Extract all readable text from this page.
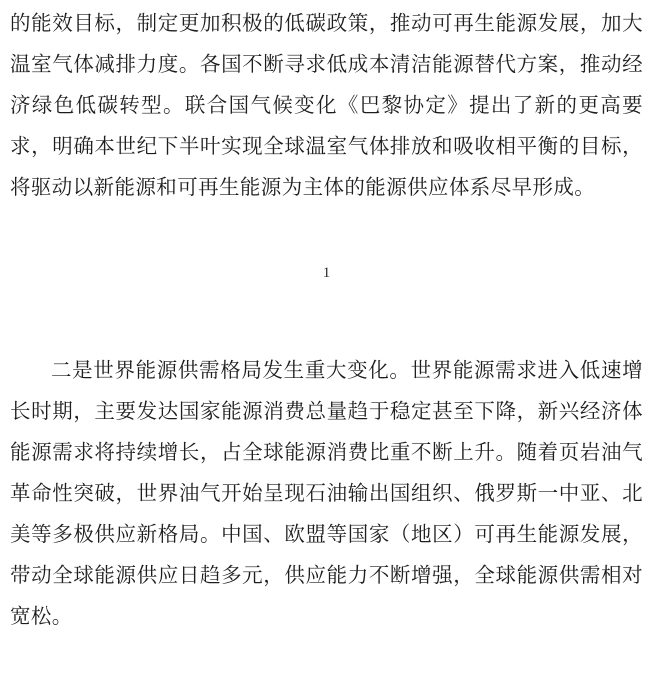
的能效目标，制定更加积极的低碳政策，推动可再生能源发展，加大温室气体减排力度。各国不断寻求低成本清洁能源替代方案，推动经济绿色低碳转型。联合国气候变化《巴黎协定》提出了新的更高要求，明确本世纪下半叶实现全球温室气体排放和吸收相平衡的目标，将驱动以新能源和可再生能源为主体的能源供应体系尽早形成。

1

二是世界能源供需格局发生重大变化。世界能源需求进入低速增长时期，主要发达国家能源消费总量趋于稳定甚至下降，新兴经济体能源需求将持续增长，占全球能源消费比重不断上升。随着页岩油气革命性突破，世界油气开始呈现石油输出国组织、俄罗斯一中亚、北美等多极供应新格局。中国、欧盟等国家（地区）可再生能源发展，带动全球能源供应日趋多元，供应能力不断增强，全球能源供需相对宽松。
